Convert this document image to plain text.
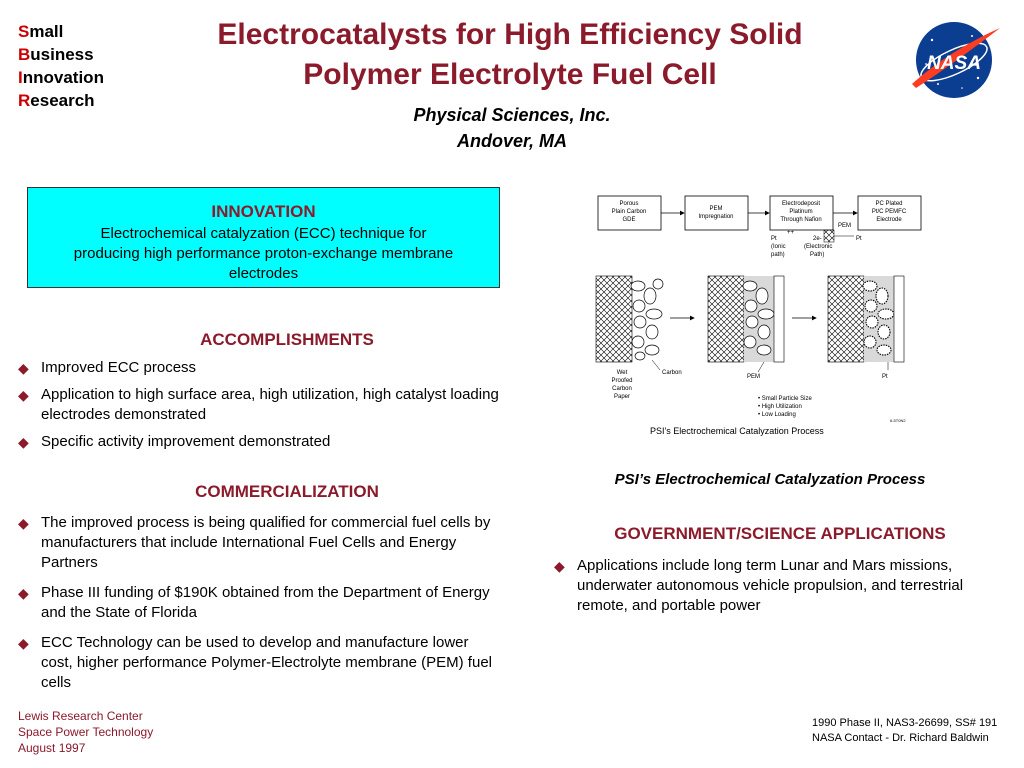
Small
Business
Innovation
Research
Electrocatalysts for High Efficiency Solid
Polymer Electrolyte Fuel Cell
Physical Sciences, Inc.
Andover, MA
NASA
INNOVATION
Electrochemical catalyzation (ECC) technique for producing high performance proton-exchange membrane electrodes
ACCOMPLISHMENTS
◆ Improved ECC process
◆ Application to high surface area, high utilization, high catalyst loading electrodes demonstrated
◆ Specific activity improvement demonstrated
COMMERCIALIZATION
◆ The improved process is being qualified for commercial fuel cells by manufacturers that include International Fuel Cells and Energy Partners
◆ Phase III funding of $190K obtained from the Department of Energy and the State of Florida
◆ ECC Technology can be used to develop and manufacture lower cost, higher performance Polymer-Electrolyte membrane (PEM) fuel cells
Porous
Plain Carbon
GDE
PEM
Impregnation
Electrodeposit
Platinum
Through Nafion
PC Plated
Pt/C PEMFC
Electrode
PEM
Pt
++
Pt
(Ionic
path)
2e-
(Electronic
Path)
Wet
Proofed
Carbon
Paper
Carbon
PEM	Pt
• Small Particle Size
• High Utilization
• Low Loading
6-5T0N2
PSI's Electrochemical Catalyzation Process
PSI’s Electrochemical Catalyzation Process
GOVERNMENT/SCIENCE APPLICATIONS
◆ Applications include long term Lunar and Mars missions, underwater autonomous vehicle propulsion, and terrestrial remote, and portable power
Lewis Research Center
Space Power Technology
August 1997
1990 Phase II, NAS3-26699, SS# 191
NASA Contact - Dr. Richard Baldwin
